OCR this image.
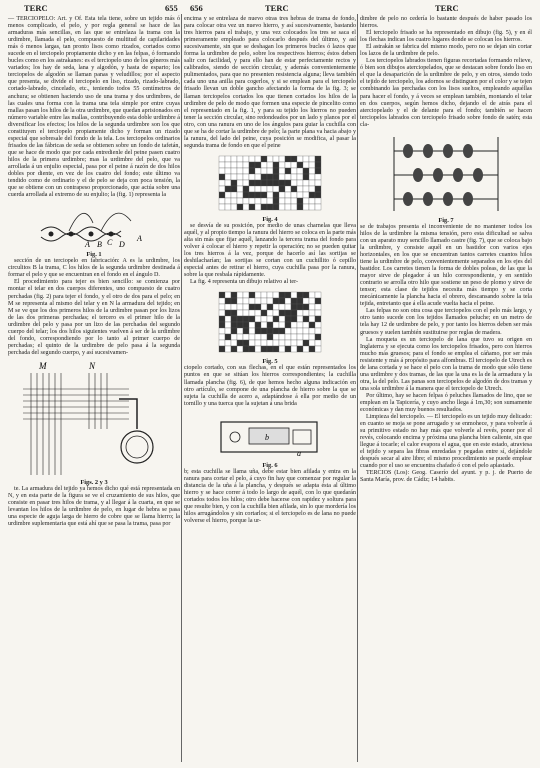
TERC	655 656	TERC	TERC

— TERCIOPELO: Art. y Of. Esta tela tiene, sobre un tejido más ó menos complicado, el pelo, y por regla general se hace de las armaduras más sencillas, en las que se entrelaza la trama con la urdimbre, llamada el pelo, compuesto de multitud de capilaridades más ó menos largas, tan pronto lisos como rizados, cortados como sucede en el terciopelo propiamente dicho y en las felpas, ó formando bucles como en los astrakanes: es el terciopelo uno de los géneros más variados; los hay de seda, lana y algodón, y hasta de esparto; los terciopelos de algodón se llaman panas y veludillos; por el aspecto que presenta, se divide el terciopelo en liso, rizado, rizado-labrado, cortado-labrado, cincelado, etc., teniendo todos 55 centímetros de anchura; se obtienen haciendo uso de una trama y dos urdimbres, de las cuales una forma con la trama una tela simple por entre cuyas mallas pasan los hilos de la otra urdimbre, que quedan aprisionados en número variable entre las mallas, contribuyendo esta doble urdimbre á diversificar los efectos; los hilos de la segunda urdimbre son los que constituyen el terciopelo propiamente dicho y forman un rizado especial que sobresale del fondo de la tela. Los terciopelos ordinarios frisados de las fábricas de seda se obtienen sobre un fondo de tafetán, que se hace de modo que por cada entredienle del peine pasen cuatro hilos de la primera urdimbre; mas la urdimbre del pelo, que va arrollada á un enjulio especial, pasa por el peine á razón de dos hilos dobles por diente, en vez de los cuatro del fondo; este último va tendido como de ordinario y el de pelo se deja con poca tensión, la que se obtiene con un contrapeso proporcionado, que actúa sobre una cuerda arrollada al extremo de su enjulio; la (fig. 1) representa la

A B C D
A

Fig. 1

sección de un terciopelo en fabricación: A es la urdimbre, los circulitos B la trama, C los hilos de la segunda urdimbre destinada á formar el pelo y que se encuentran en el fondo en el ángulo D.

El procedimiento para tejer es bien sencillo: se comienza por montar el telar en dos cuerpos diferentes, uno compuesto de cuatro perchadas (fig. 2) para tejer el fondo, y el otro de dos para el pelo; en M se representa al mismo del telar y en N la armadura del tejido; en M se ve que los dos primeros hilos de la urdimbre pasan por los lizos de las dos primeras perchadas; el tercero es el primer hilo de la urdimbre del pelo y pasa por un lizo de las perchadas del segundo cuerpo del telar; los dos hilos siguientes vuelven á ser de la urdimbre del fondo, correspondiendo por lo tanto al primer cuerpo de perchadas; el quinto de la urdimbre de pelo pasa á la segunda perchada del segundo cuerpo, y así sucesivamen-

M	N

Figs. 2 y 3

te. La armadura del tejido ya hemos dicho qué está representada en N, y en esta parte de la figura se ve el cruzamiento de sus hilos, que consiste en pasar tres hilos de trama, y al llegar á la cuarta, en que se levantan los hilos de la urdimbre de pelo, en lugar de hebra se pasa una especie de aguja larga de hierro de cobre que se llama hierro; la urdimbre suplementaria que está ahí que se pasa la trama, pasa por

encima y se entrelaza de nuevo otras tres hebras de trama de fondo, para colocar otra vez un nuevo hierro, y así sucesivamente, bastando tres hierros para el trabajo, y una vez colocados los tres se saca el primeramente empleado para colocarlo después del último, y así sucesivamente, sin que se deshagan los primeros bucles ó lazos que forma la urdimbre de pelo, sobre los respectivos hierros; éstos deben salir con facilidad, y para ello han de estar perfectamente rectos y calibrados, siendo de sección circular, y además convenientemente pulimentados, para que no presenten resistencia alguna; lleva también cada uno una anilla para cogerlos, y si se emplean para el terciopelo frisado llevan un doble gancho afectando la forma de la fig. 3; se llaman terciopelos cortados los que tienen cortados los hilos de la urdimbre de pelo de modo que formen una especie de pincelito como el representado en la fig. 1, y para su tejido los hierros no pueden tener la sección circular, sino redondeados por un lado y planos por el otro, con una ranura en uno de los ángulos para guiar la cuchilla con que se ha de cortar la urdimbre de pelo; la parte plana va hacia abajo y la ranura, del lado del peine, cuya posición se modifica, al pasar la segunda trama de fondo en que el peine

Fig. 4

se desvía de su posición, por medio de unas charnelas que lleva aquél, y al propio tiempo la ranura del hierro se coloca en la parte más alta sin más que fijar aquél, lanzando la tercera trama del fondo para volver á colocar el hierro y repetir la operación; no se pueden quitar los tres hierros á la vez, porque de hacerlo así las sortijas se deshilacharían; las sortijas se cortan con un cuchillito ó cepillo especial antes de retirar el hierro, cuya cuchilla pasa por la ranura, sobre la que resbala rápidamente.

La fig. 4 representa un dibujo relativo al ter-

Fig. 5

ciopelo cortado, con sus flechas, en el que están representados los puntos en que se sitúan los hierros correspondientes; la cuchilla llamada plancha (fig. 6), de que hemos hecho alguna indicación en otro artículo, se compone de una plancha de hierro sobre la que se sujeta la cuchilla de acero a, adaptándose á ella por medio de un tornillo y una tuerca que la sujetan á una brida

b
a

Fig. 6

b; esta cuchilla se llama uña, debe estar bien afilada y entra en la ranura para cortar el pelo, á cuyo fin hay que comenzar por regular la distancia de la uña á la plancha, y después se adapta ésta al último hierro y se hace correr á todo lo largo de aquél, con lo que quedarán cortados todos los hilos; otro debe hacerse con rapidez y soltura para que resulte bien, y con la cuchilla bien afilada, sin lo que mordería los hilos arrugándolos y sin cortarlos; si el terciopelo es de lana no puede volverse el hierro, porque la ur-

dimbre de pelo no cedería lo bastante después de haber pasado los hierros.

El terciopelo frisado se ha representado en dibujo (fig. 5), y en él los flechas indican los cuatro lugares donde se colocan los hierros.

El astrakán se fabrica del mismo modo, pero no se dejan sin cortar los lazos de la urdimbre de pelo.

Los terciopelos labrados tienen figuras recortadas formando relieve, ó bien son dibujos aterciopelados, que se destacan sobre fondo liso en el que la desaparición de la urdimbre de pelo, y en otros, siendo todo el tejido de terciopelo, los adornos se distinguen por el color y se tejen combinando las perchadas con los lisos sueltos, empleando aquéllas para hacer el fondo, y á veces se emplean también, montando el telar en dos cuerpos, según hemos dicho, dejando el de atrás para el aterciopelado y el de delante para el fondo; también se hacen terciopelos labrados con terciopelo frisado sobre fondo de satén; esta cla-

Fig. 7

se de trabajos presenta el inconveniente de no mantener todos los hilos de la urdimbre la misma tensión, pero esta dificultad se salva con un aparato muy sencillo llamado castre (fig. 7), que se coloca bajo la urdimbre, y consiste aquél en un bastidor con varios ejes horizontales, en los que se encuentran tantos carretes cuantos hilos tiene la urdimbre de pelo, convenientemente separados en los ejes del bastidor. Los carretes tienen la forma de dobles poleas, de las que la mayor sirve de plegador á un hilo correspondiente, y en sentido contrario se arrolla otro hilo que sostiene un peso de plomo y sirve de tensor; esta clase de tejidos necesita más tiempo y se corta mecánicamente la plancha hacia el obrero, descansando sobre la tela tejida, entretanto que á ella acude vuelta hacia el peine.

Las felpas no son otra cosa que terciopelos con el pelo más largo, y otro tanto sucede con los tejidos llamados peluche; en un metro de tela hay 12 de urdimbre de pelo, y por tanto los hierros deben ser más gruesos y suelen también sustituirse por reglas de madera.

La moqueta es un terciopelo de lana que tuvo su origen en Inglaterra y se ejecuta como los terciopelos frisados, pero con hierros mucho más gruesos; para el fondo se emplea el cáñamo, por ser más resistente y más á propósito para alfombras. El terciopelo de Utrech es de lana cortada y se hace el pelo con la trama de modo que sólo tiene una urdimbre y dos tramas, de las que la una es la de la armadura y la otra, la del pelo. Las panas son terciopelos de algodón de dos tramas y una sola urdimbre á la manera que el terciopelo de Utrech.

Por último, hay se hacen felpas ó peluches llamados de lino, que se emplean en la Tapicería, y cuyo ancho llega á 1m,30; son sumamente económicas y dan muy buenos resultados.

Limpieza del terciopelo. — El terciopelo es un tejido muy delicado: en cuanto se moja se pone arrugado y se enmohece, y para volverle á su primitivo estado no hay más que volverle al revés, poner por el revés, colocando encima y próxima una plancha bien caliente, sin que llegue á tocarle; el calor evapora el agua, que en este estado, atraviesa el tejido y separa las fibras enredadas y pegadas entre sí, dejándole después secar al aire libre; el mismo procedimiento se puede emplear cuando por el uso se encuentra chafado ó con el pelo aplastado.

TERCIOS (Los): Geog. Caserío del ayunt. y p. j. de Puerto de Santa María, prov. de Cádiz; 14 habits.
